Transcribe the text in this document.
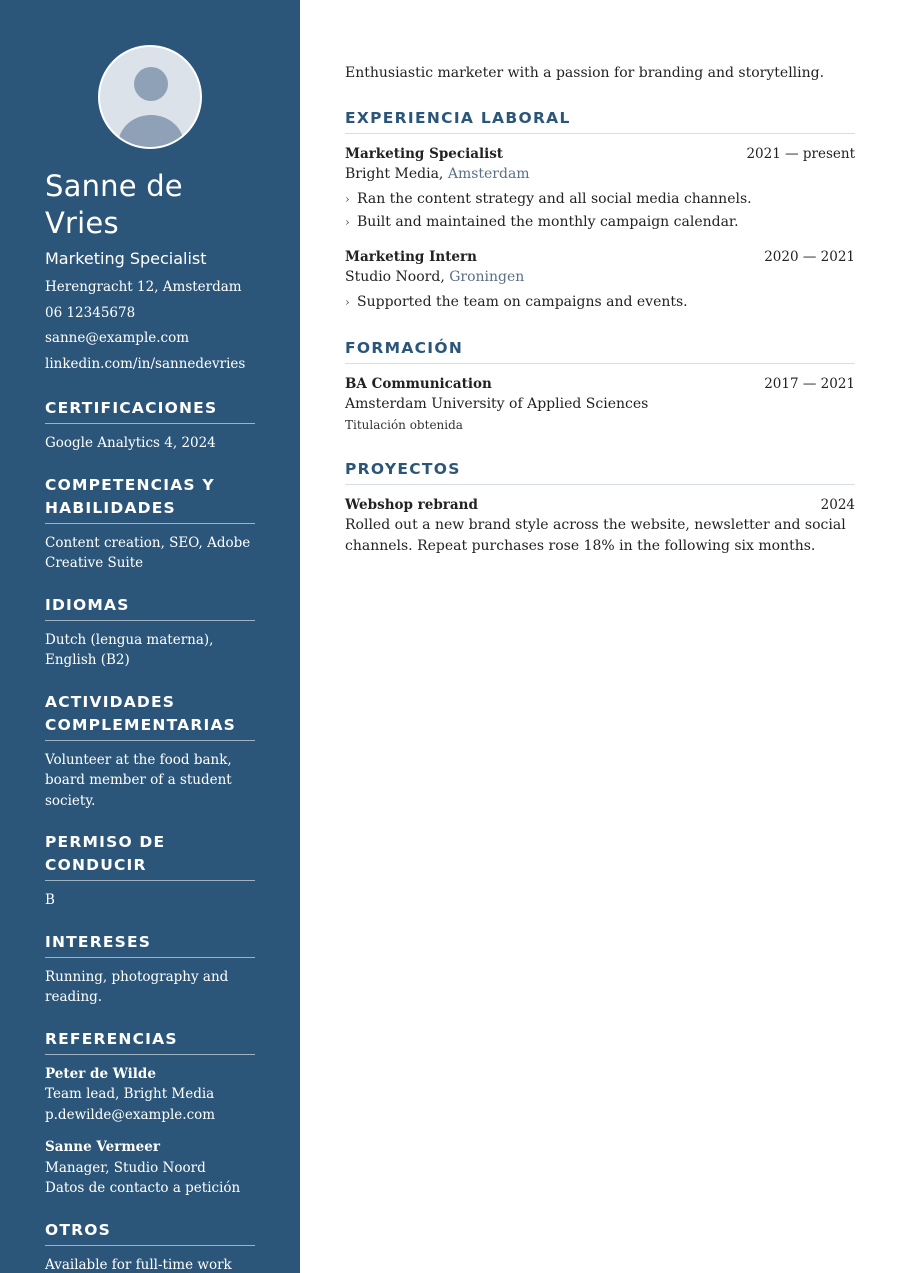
Sanne de Vries
Marketing Specialist
Herengracht 12, Amsterdam
06 12345678
sanne@example.com
linkedin.com/in/sannedevries
CERTIFICACIONES
Google Analytics 4, 2024
COMPETENCIAS Y HABILIDADES
Content creation, SEO, Adobe Creative Suite
IDIOMAS
Dutch (lengua materna), English (B2)
ACTIVIDADES COMPLEMENTARIAS
Volunteer at the food bank, board member of a student society.
PERMISO DE CONDUCIR
B
INTERESES
Running, photography and reading.
REFERENCIAS
Peter de Wilde
Team lead, Bright Media
p.dewilde@example.com
Sanne Vermeer
Manager, Studio Noord
Datos de contacto a petición
OTROS
Available for full-time work
Enthusiastic marketer with a passion for branding and storytelling.
EXPERIENCIA LABORAL
Marketing Specialist	2021 — present
Bright Media, Amsterdam
› Ran the content strategy and all social media channels.
› Built and maintained the monthly campaign calendar.
Marketing Intern	2020 — 2021
Studio Noord, Groningen
› Supported the team on campaigns and events.
FORMACIÓN
BA Communication	2017 — 2021
Amsterdam University of Applied Sciences
Titulación obtenida
PROYECTOS
Webshop rebrand	2024
Rolled out a new brand style across the website, newsletter and social channels. Repeat purchases rose 18% in the following six months.
